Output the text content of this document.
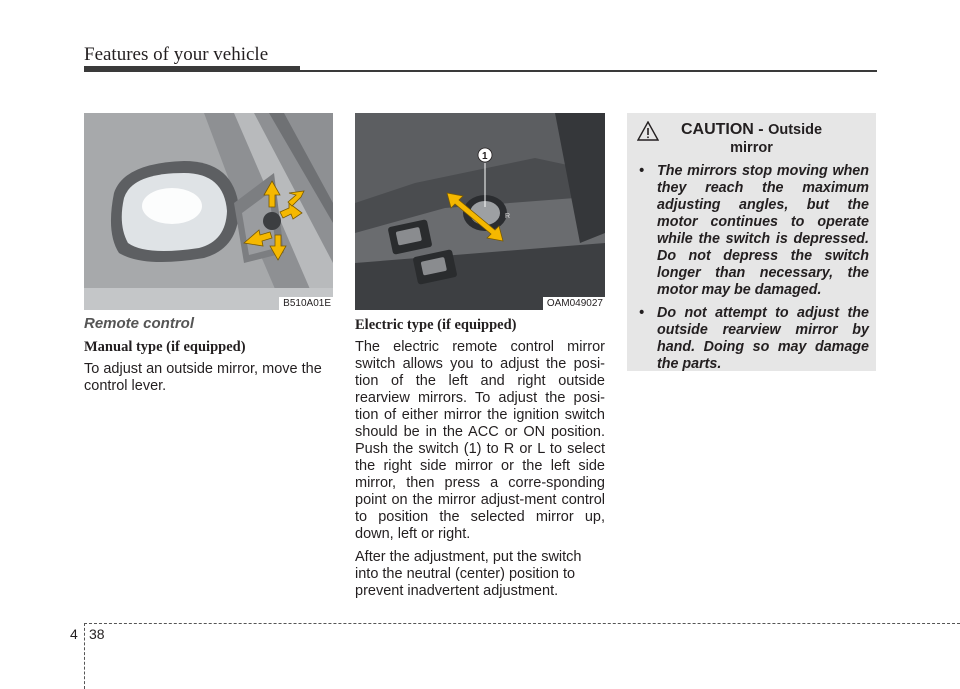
Features of your vehicle
B510A01E
R
1
OAM049027
Remote control
Manual type (if equipped)

To adjust an outside mirror, move the control lever.

Electric type (if equipped)

The electric remote control mirror switch allows you to adjust the posi-tion of the left and right outside rearview mirrors. To adjust the posi-tion of either mirror the ignition switch should be in the ACC or ON position. Push the switch (1) to R or L to select the right side mirror or the left side mirror, then press a corre-sponding point on the mirror adjust-ment control to position the selected mirror up, down, left or right.

After the adjustment, put the switch into the neutral (center) position to prevent inadvertent adjustment.

CAUTION - Outside
mirror
• The mirrors stop moving when they reach the maximum adjusting angles, but the motor continues to operate while the switch is depressed. Do not depress the switch longer than necessary, the motor may be damaged.
• Do not attempt to adjust the outside rearview mirror by hand. Doing so may damage the parts.
4 38
